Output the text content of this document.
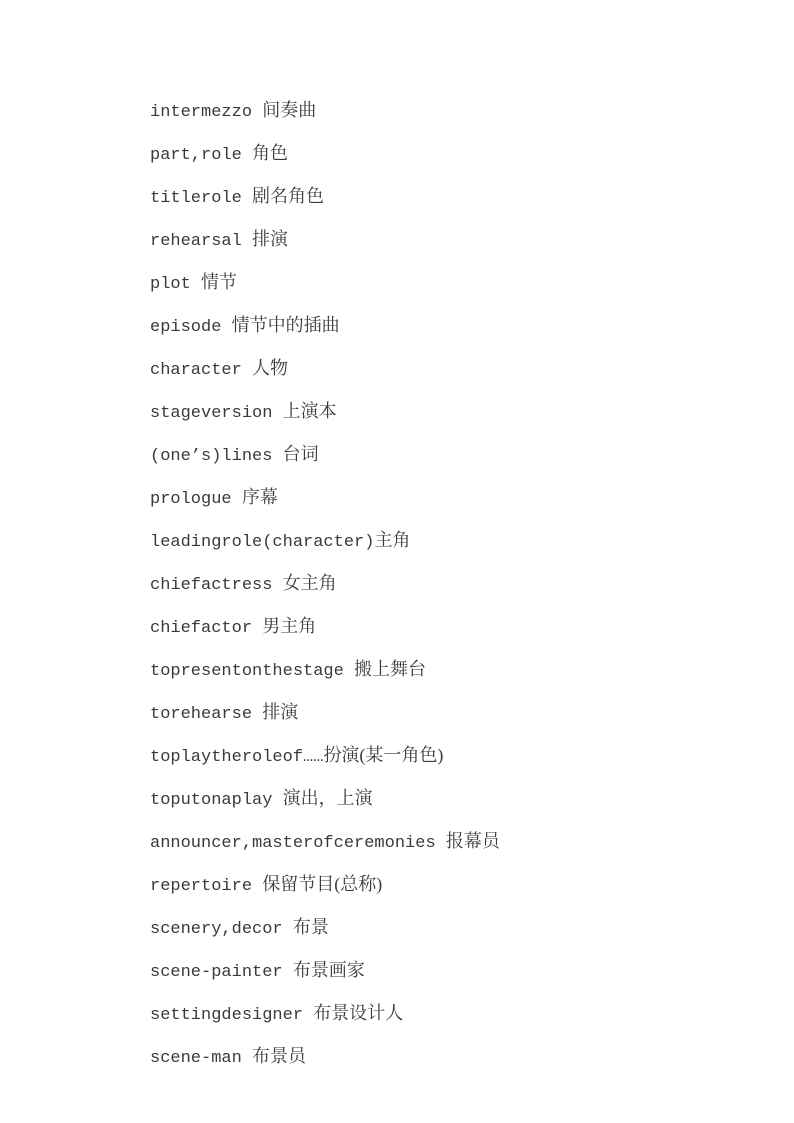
intermezzo 间奏曲
part,role 角色
titlerole 剧名角色
rehearsal 排演
plot 情节
episode 情节中的插曲
character 人物
stageversion 上演本
(one’s)lines 台词
prologue 序幕
leadingrole(character)主角
chiefactress 女主角
chiefactor 男主角
topresentonthestage 搬上舞台
torehearse 排演
toplaytheroleof……扮演(某一角色)
toputonaplay 演出，上演
announcer,masterofceremonies 报幕员
repertoire 保留节目(总称)
scenery,decor 布景
scene-painter 布景画家
settingdesigner 布景设计人
scene-man 布景员
